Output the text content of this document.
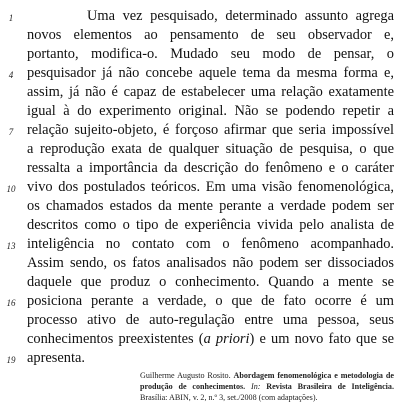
1	Uma vez pesquisado, determinado assunto agrega
novos elementos ao pensamento de seu observador e,
portanto, modifica-o. Mudado seu modo de pensar, o
4 pesquisador já não concebe aquele tema da mesma forma e,
assim, já não é capaz de estabelecer uma relação exatamente
igual à do experimento original. Não se podendo repetir a
7 relação sujeito-objeto, é forçoso afirmar que seria impossível
a reprodução exata de qualquer situação de pesquisa, o que
ressalta a importância da descrição do fenômeno e o caráter
10 vivo dos postulados teóricos. Em uma visão fenomenológica,
os chamados estados da mente perante a verdade podem ser
descritos como o tipo de experiência vivida pelo analista de
13 inteligência no contato com o fenômeno acompanhado.
Assim sendo, os fatos analisados não podem ser dissociados
daquele que produz o conhecimento. Quando a mente se
16 posiciona perante a verdade, o que de fato ocorre é um
processo ativo de auto-regulação entre uma pessoa, seus
conhecimentos preexistentes (a priori) e um novo fato que se
19 apresenta.
Guilherme Augusto Rosito. Abordagem fenomenológica e metodologia de produção de conhecimentos. In: Revista Brasileira de Inteligência. Brasília: ABIN, v. 2, n.º 3, set./2008 (com adaptações).
